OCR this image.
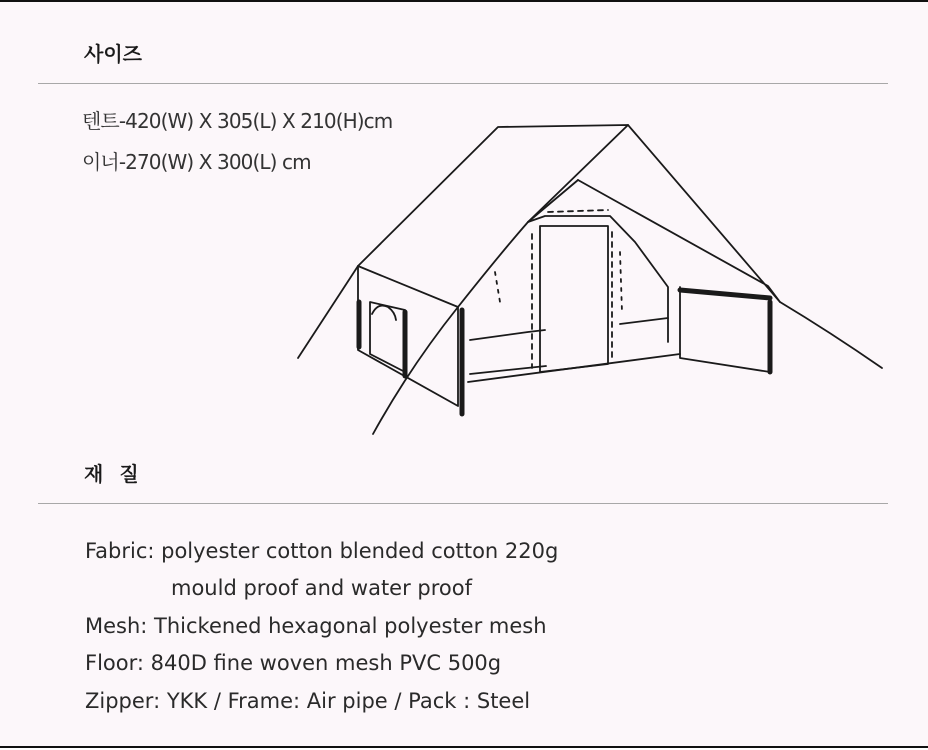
사이즈

텐트-420(W) X 305(L) X 210(H)cm

이너-270(W) X 300(L) cm

재질

Fabric: polyester cotton blended cotton 220g

mould proof and water proof

Mesh: Thickened hexagonal polyester mesh

Floor: 840D fine woven mesh PVC 500g

Zipper: YKK / Frame: Air pipe / Pack : Steel
